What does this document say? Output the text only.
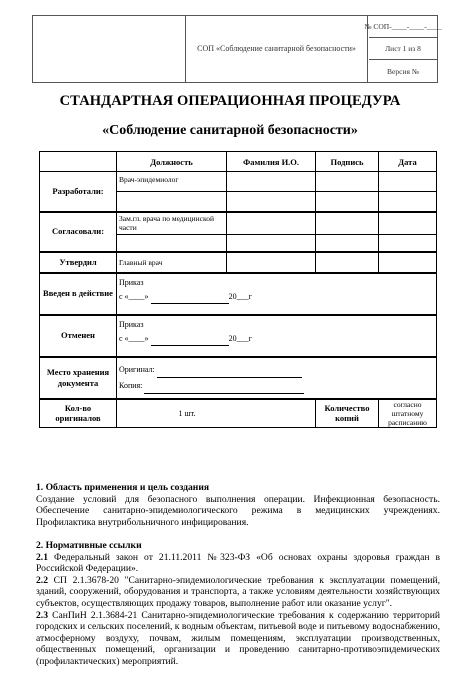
СОП «Соблюдение санитарной безопасности»
№ СОП-____-____-____
Лист 1 из 8
Версия №
СТАНДАРТНАЯ ОПЕРАЦИОННАЯ ПРОЦЕДУРА
«Соблюдение санитарной безопасности»
	Должность	Фамилия И.О.	Подпись	Дата
Разработали:	Врач-эпидемиолог			

Согласовали:	Зам.гл. врача по медицинской части			

Утвердил	Главный врач			
Введен в действие	Приказ
с «____» 20___г			

Отменен	Приказ
с «____» 20___г			

Место хранения документа	Оригинал:
Копия:			

Кол-во оригиналов	1 шт.		Количество копий	согласно штатному расписанию

1. Область применения и цель создания

Создание условий для безопасного выполнения операции. Инфекционная безопасность. Обеспечение санитарно-эпидемиологического режима в медицинских учреждениях. Профилактика внутрибольничного инфицирования.

2. Нормативные ссылки

2.1 Федеральный закон от 21.11.2011 №323-ФЗ «Об основах охраны здоровья граждан в Российской Федерации».

2.2 СП 2.1.3678-20 "Санитарно-эпидемиологические требования к эксплуатации помещений, зданий, сооружений, оборудования и транспорта, а также условиям деятельности хозяйствующих субъектов, осуществляющих продажу товаров, выполнение работ или оказание услуг".

2.3 СанПиН 2.1.3684-21 Санитарно-эпидемиологические требования к содержанию территорий городских и сельских поселений, к водным объектам, питьевой воде и питьевому водоснабжению, атмосферному воздуху, почвам, жилым помещениям, эксплуатации производственных, общественных помещений, организации и проведению санитарно-противоэпидемических (профилактических) мероприятий.
